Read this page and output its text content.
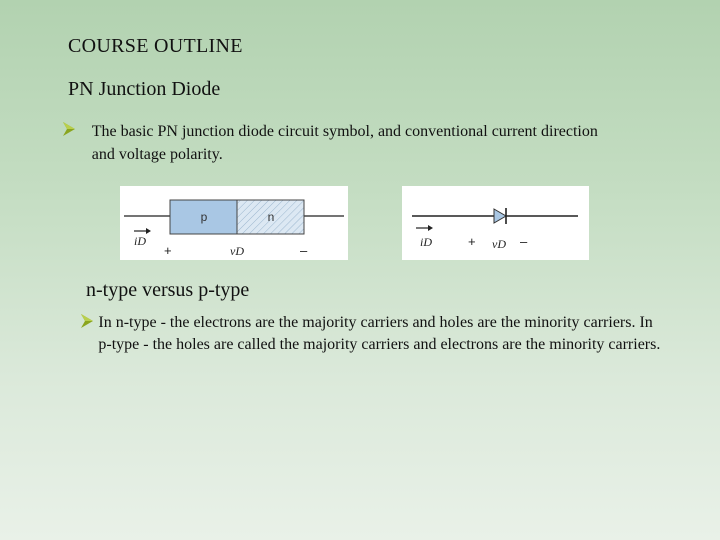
COURSE OUTLINE
PN Junction Diode
The basic PN junction diode circuit symbol, and conventional current direction and voltage polarity.
p	n
iD
+	vD	–
iD	+ vD –
n-type versus p-type
In n-type - the electrons are the majority carriers and holes are the minority carriers. In p-type - the holes are called the majority carriers and electrons are the minority carriers.
